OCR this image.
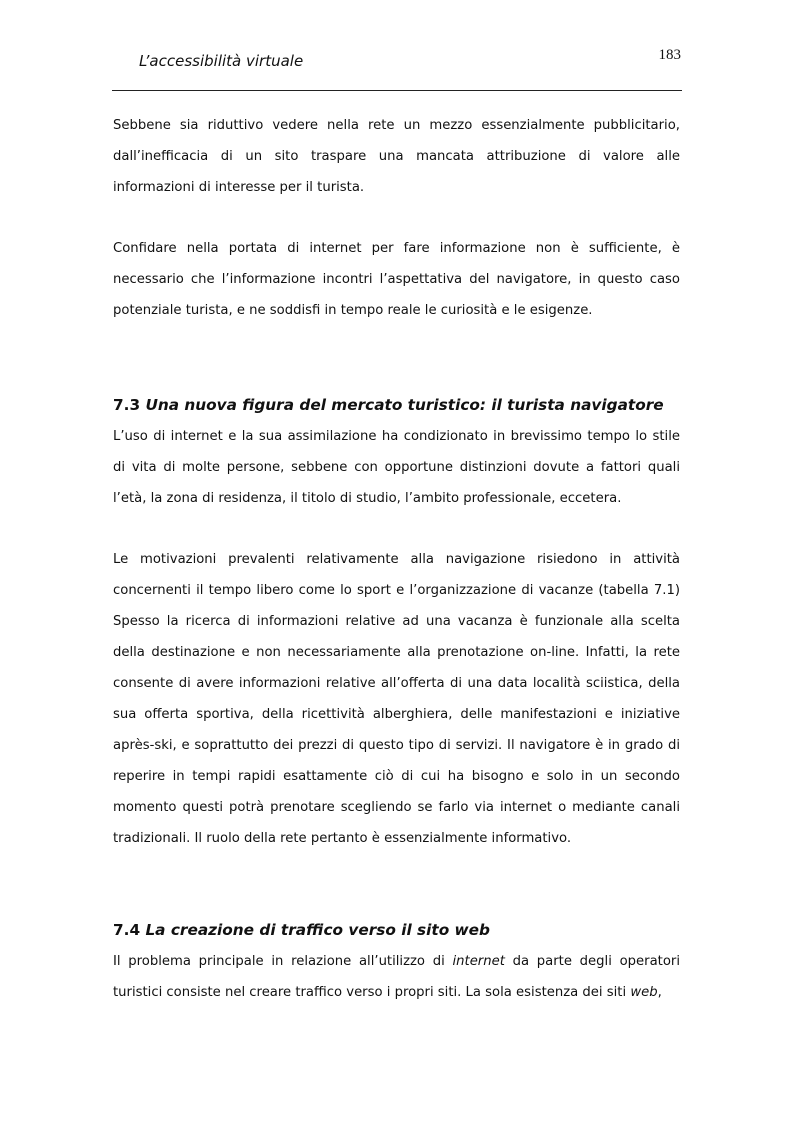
L’accessibilità virtuale	183

Sebbene sia riduttivo vedere nella rete un mezzo essenzialmente pubblicitario, dall’inefficacia di un sito traspare una mancata attribuzione di valore alle informazioni di interesse per il turista.

Confidare nella portata di internet per fare informazione non è sufficiente, è necessario che l’informazione incontri l’aspettativa del navigatore, in questo caso potenziale turista, e ne soddisfi in tempo reale le curiosità e le esigenze.

7.3 Una nuova figura del mercato turistico: il turista navigatore

L’uso di internet e la sua assimilazione ha condizionato in brevissimo tempo lo stile di vita di molte persone, sebbene con opportune distinzioni dovute a fattori quali l’età, la zona di residenza, il titolo di studio, l’ambito professionale, eccetera.

Le motivazioni prevalenti relativamente alla navigazione risiedono in attività concernenti il tempo libero come lo sport e l’organizzazione di vacanze (tabella 7.1) Spesso la ricerca di informazioni relative ad una vacanza è funzionale alla scelta della destinazione e non necessariamente alla prenotazione on-line. Infatti, la rete consente di avere informazioni relative all’offerta di una data località sciistica, della sua offerta sportiva, della ricettività alberghiera, delle manifestazioni e iniziative après-ski, e soprattutto dei prezzi di questo tipo di servizi. Il navigatore è in grado di reperire in tempi rapidi esattamente ciò di cui ha bisogno e solo in un secondo momento questi potrà prenotare scegliendo se farlo via internet o mediante canali tradizionali. Il ruolo della rete pertanto è essenzialmente informativo.

7.4 La creazione di traffico verso il sito web

Il problema principale in relazione all’utilizzo di internet da parte degli operatori turistici consiste nel creare traffico verso i propri siti. La sola esistenza dei siti web,
